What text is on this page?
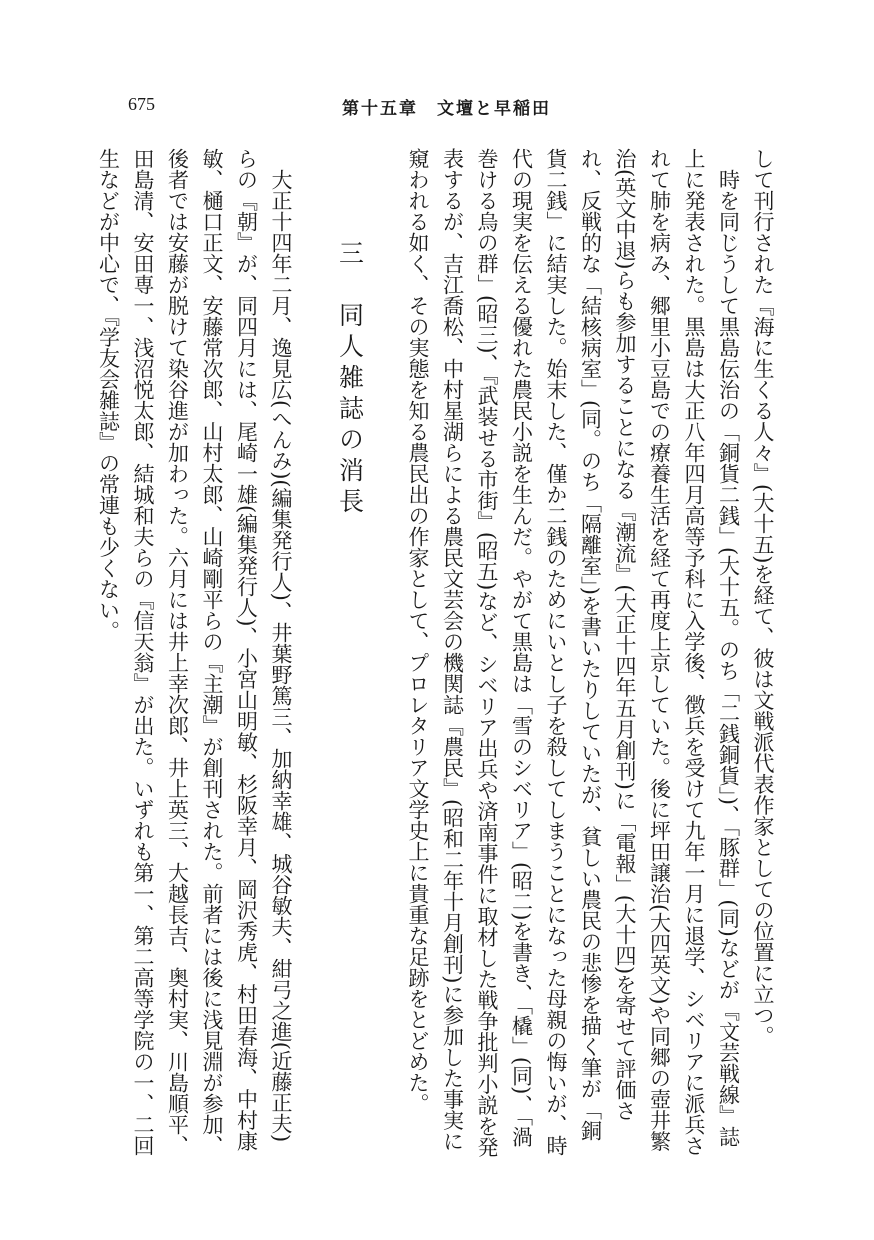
675	第十五章　文壇と早稲田

して刊行された『海に生くる人々』(大十五)を経て、彼は文戦派代表作家としての位置に立つ。

時を同じうして黒島伝治の「銅貨二銭」(大十五。のち「二銭銅貨」)、「豚群」(同)などが『文芸戦線』誌上に発表された。黒島は大正八年四月高等予科に入学後、徴兵を受けて九年一月に退学、シベリアに派兵されて肺を病み、郷里小豆島での療養生活を経て再度上京していた。後に坪田譲治(大四英文)や同郷の壺井繁治(英文中退)らも参加することになる『潮流』(大正十四年五月創刊)に「電報」(大十四)を寄せて評価され、反戦的な「結核病室」(同。のち「隔離室」)を書いたりしていたが、貧しい農民の悲惨を描く筆が「銅貨二銭」に結実した。始末した、僅か二銭のためにいとし子を殺してしまうことになった母親の悔いが、時代の現実を伝える優れた農民小説を生んだ。やがて黒島は「雪のシベリア」(昭二)を書き、「橇」(同)、「渦巻ける烏の群」(昭三)、『武装せる市街』(昭五)など、シベリア出兵や済南事件に取材した戦争批判小説を発表するが、吉江喬松、中村星湖らによる農民文芸会の機関誌『農民』(昭和二年十月創刊)に参加した事実に窺われる如く、その実態を知る農民出の作家として、プロレタリア文学史上に貴重な足跡をとどめた。

三　同人雑誌の消長

大正十四年二月、逸見広(へんみ)(編集発行人)、井葉野篤三、加納幸雄、城谷敏夫、紺弓之進(近藤正夫)らの『朝』が、同四月には、尾崎一雄(編集発行人)、小宮山明敏、杉阪幸月、岡沢秀虎、村田春海、中村康敏、樋口正文、安藤常次郎、山村太郎、山崎剛平らの『主潮』が創刊された。前者には後に浅見淵が参加、後者では安藤が脱けて染谷進が加わった。六月には井上幸次郎、井上英三、大越長吉、奥村実、川島順平、田島清、安田専一、浅沼悦太郎、結城和夫らの『信天翁』が出た。いずれも第一、第二高等学院の一、二回生などが中心で、『学友会雑誌』の常連も少くない。
